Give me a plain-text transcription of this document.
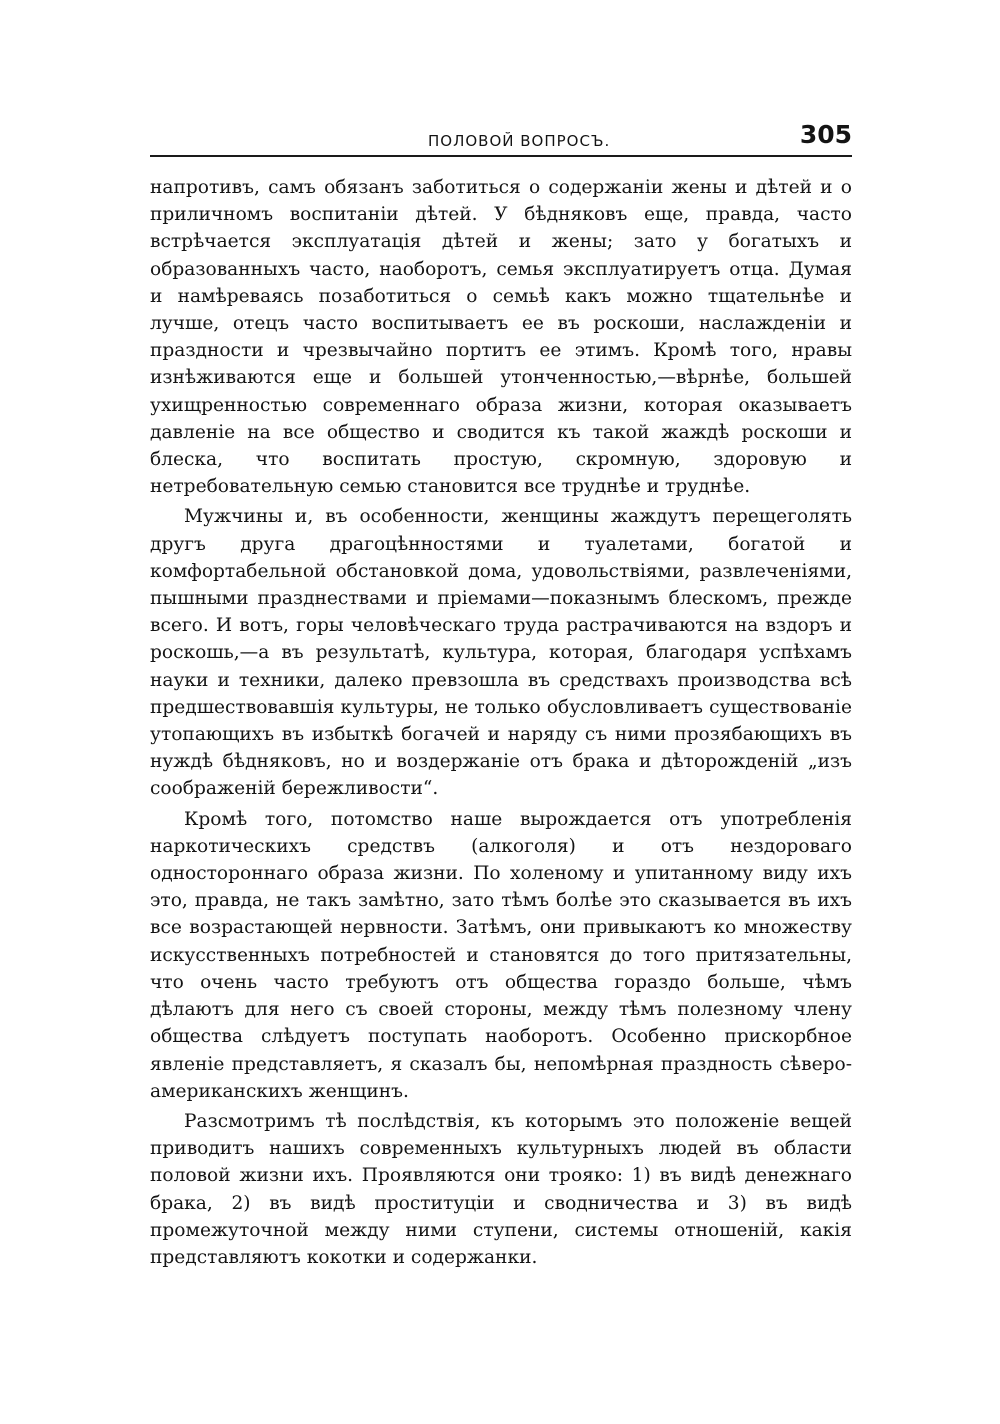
ПОЛОВОЙ ВОПРОСЪ.	305

напротивъ, самъ обязанъ заботиться о содержанiи жены и дѣтей и о приличномъ воспитанiи дѣтей. У бѣдняковъ еще, правда, часто встрѣчается эксплуатацiя дѣтей и жены; зато у богатыхъ и образованныхъ часто, наоборотъ, семья эксплуатируетъ отца. Думая и намѣреваясь позаботиться о семьѣ какъ можно тщательнѣе и лучше, отецъ часто воспитываетъ ее въ роскоши, наслажденiи и праздности и чрезвычайно портитъ ее этимъ. Кромѣ того, нравы изнѣживаются еще и большей утонченностью,—вѣрнѣе, большей ухищренностью современнаго образа жизни, которая оказываетъ давленiе на все общество и сводится къ такой жаждѣ роскоши и блеска, что воспитать простую, скромную, здоровую и нетребовательную семью становится все труднѣе и труднѣе.

Мужчины и, въ особенности, женщины жаждутъ перещеголять другъ друга драгоцѣнностями и туалетами, богатой и комфортабельной обстановкой дома, удовольствiями, развлеченiями, пышными празднествами и прiемами—показнымъ блескомъ, прежде всего. И вотъ, горы человѣческаго труда растрачиваются на вздоръ и роскошь,—а въ результатѣ, культура, которая, благодаря успѣхамъ науки и техники, далеко превзошла въ средствахъ производства всѣ предшествовавшiя культуры, не только обусловливаетъ существованiе утопающихъ въ избыткѣ богачей и наряду съ ними прозябающихъ въ нуждѣ бѣдняковъ, но и воздержанiе отъ брака и дѣторожденiй „изъ соображенiй бережливости“.

Кромѣ того, потомство наше вырождается отъ употребленiя наркотическихъ средствъ (алкоголя) и отъ нездороваго одностороннаго образа жизни. По холеному и упитанному виду ихъ это, правда, не такъ замѣтно, зато тѣмъ болѣе это сказывается въ ихъ все возрастающей нервности. Затѣмъ, они привыкаютъ ко множеству искусственныхъ потребностей и становятся до того притязательны, что очень часто требуютъ отъ общества гораздо больше, чѣмъ дѣлаютъ для него съ своей стороны, между тѣмъ полезному члену общества слѣдуетъ поступать наоборотъ. Особенно прискорбное явленiе представляетъ, я сказалъ бы, непомѣрная праздность сѣверо-американскихъ женщинъ.

Разсмотримъ тѣ послѣдствiя, къ которымъ это положенiе вещей приводитъ нашихъ современныхъ культурныхъ людей въ области половой жизни ихъ. Проявляются они трояко: 1) въ видѣ денежнаго брака, 2) въ видѣ проституцiи и сводничества и 3) въ видѣ промежуточной между ними ступени, системы отношенiй, какiя представляютъ кокотки и содержанки.
